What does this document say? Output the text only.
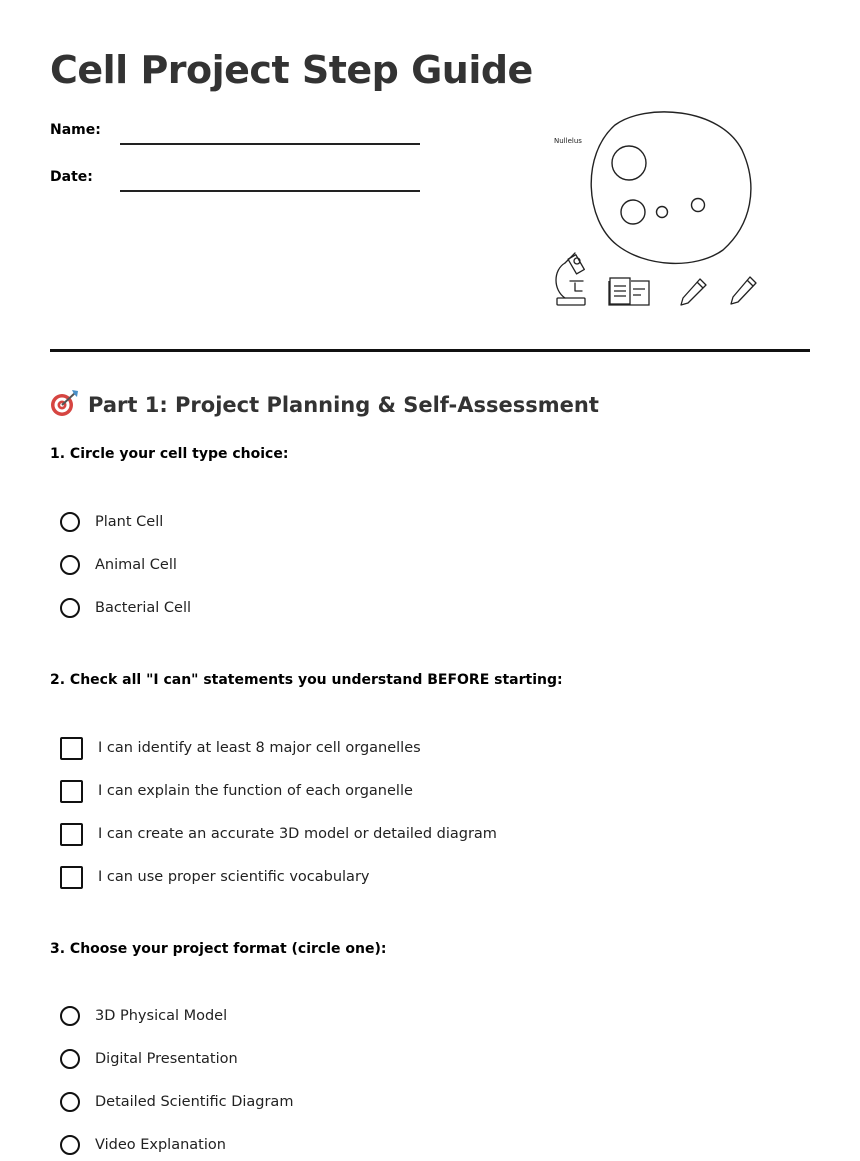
Cell Project Step Guide
Name:
Date:
Nullelus
Part 1: Project Planning & Self-Assessment
1. Circle your cell type choice:
Plant Cell
Animal Cell
Bacterial Cell
2. Check all "I can" statements you understand BEFORE starting:
I can identify at least 8 major cell organelles
I can explain the function of each organelle
I can create an accurate 3D model or detailed diagram
I can use proper scientific vocabulary
3. Choose your project format (circle one):
3D Physical Model
Digital Presentation
Detailed Scientific Diagram
Video Explanation
